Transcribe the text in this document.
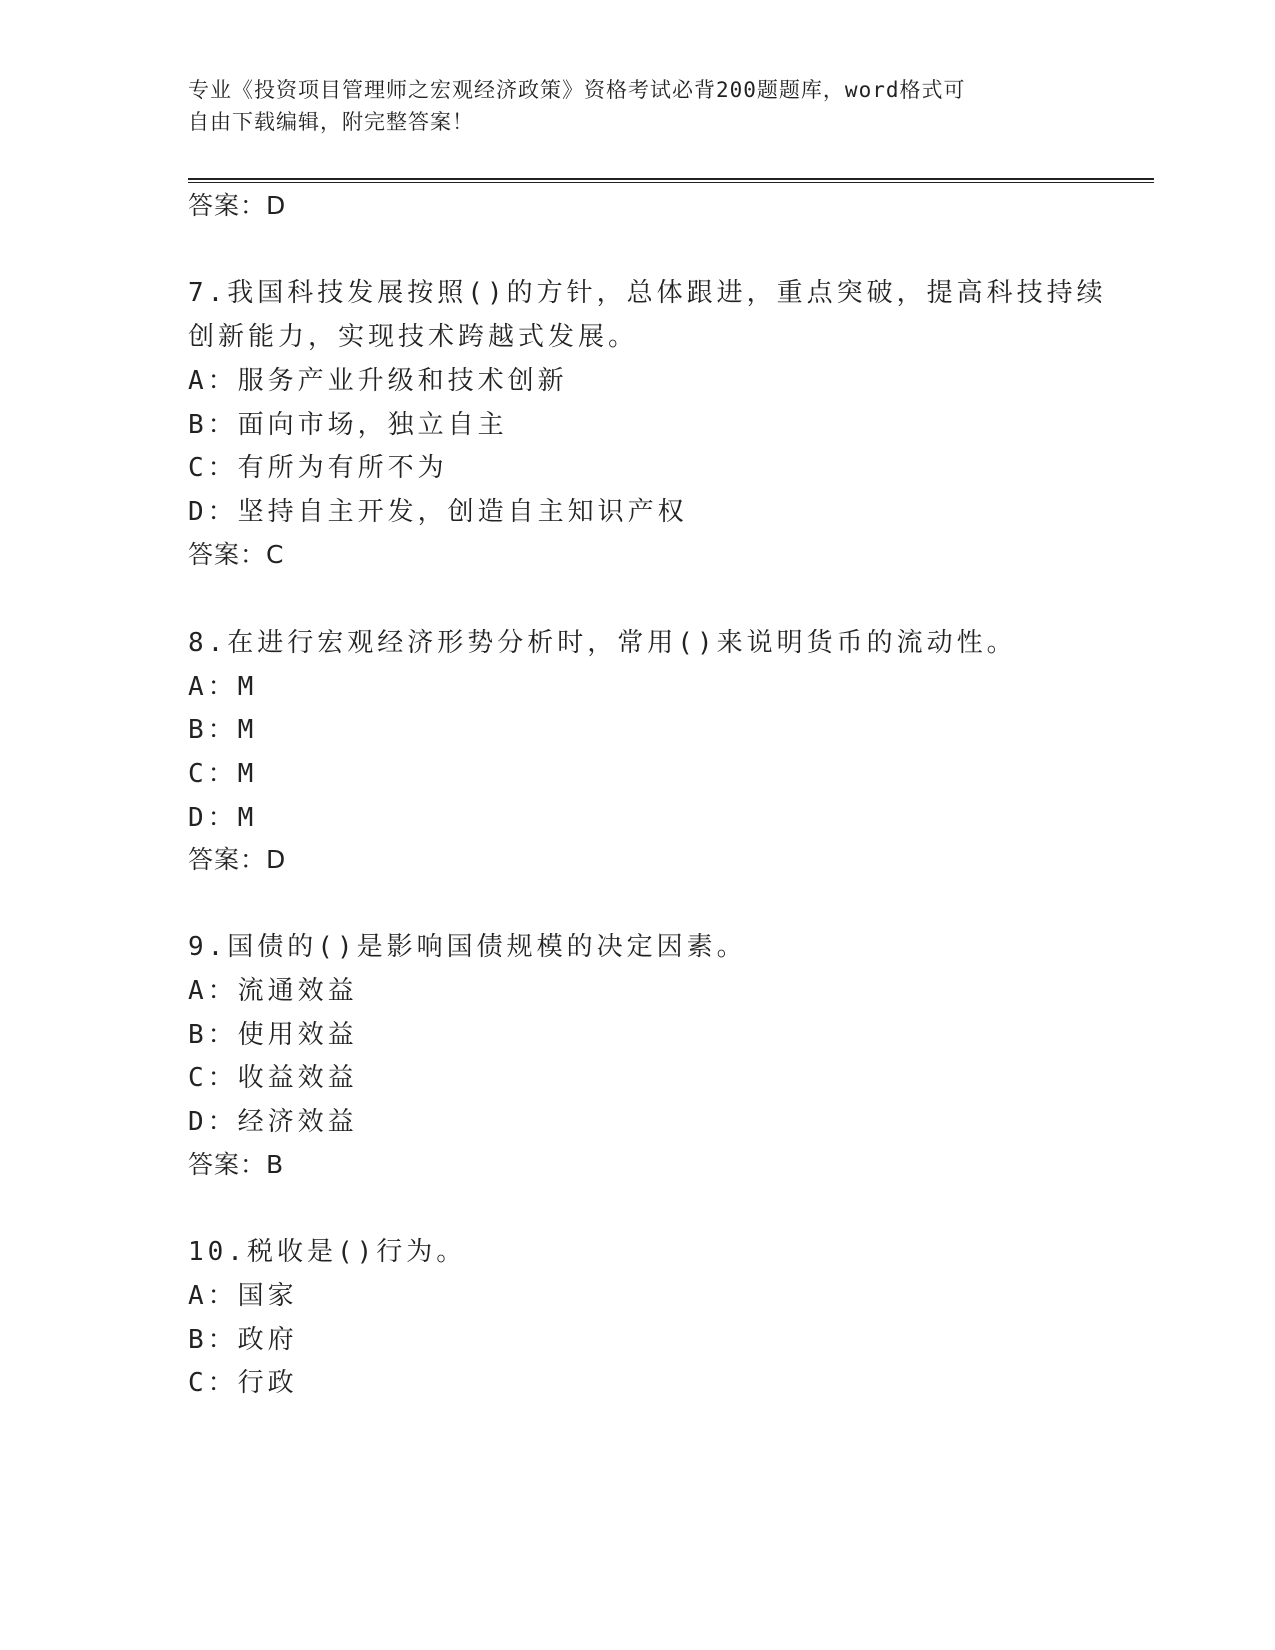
专业《投资项目管理师之宏观经济政策》资格考试必背200题题库，word格式可
自由下载编辑，附完整答案！
答案：D
7.我国科技发展按照()的方针，总体跟进，重点突破，提高科技持续
创新能力，实现技术跨越式发展。
A：服务产业升级和技术创新
B：面向市场，独立自主
C：有所为有所不为
D：坚持自主开发，创造自主知识产权
答案：C
8.在进行宏观经济形势分析时，常用()来说明货币的流动性。
A：M
B：M
C：M
D：M
答案：D
9.国债的()是影响国债规模的决定因素。
A：流通效益
B：使用效益
C：收益效益
D：经济效益
答案：B
10.税收是()行为。
A：国家
B：政府
C：行政
